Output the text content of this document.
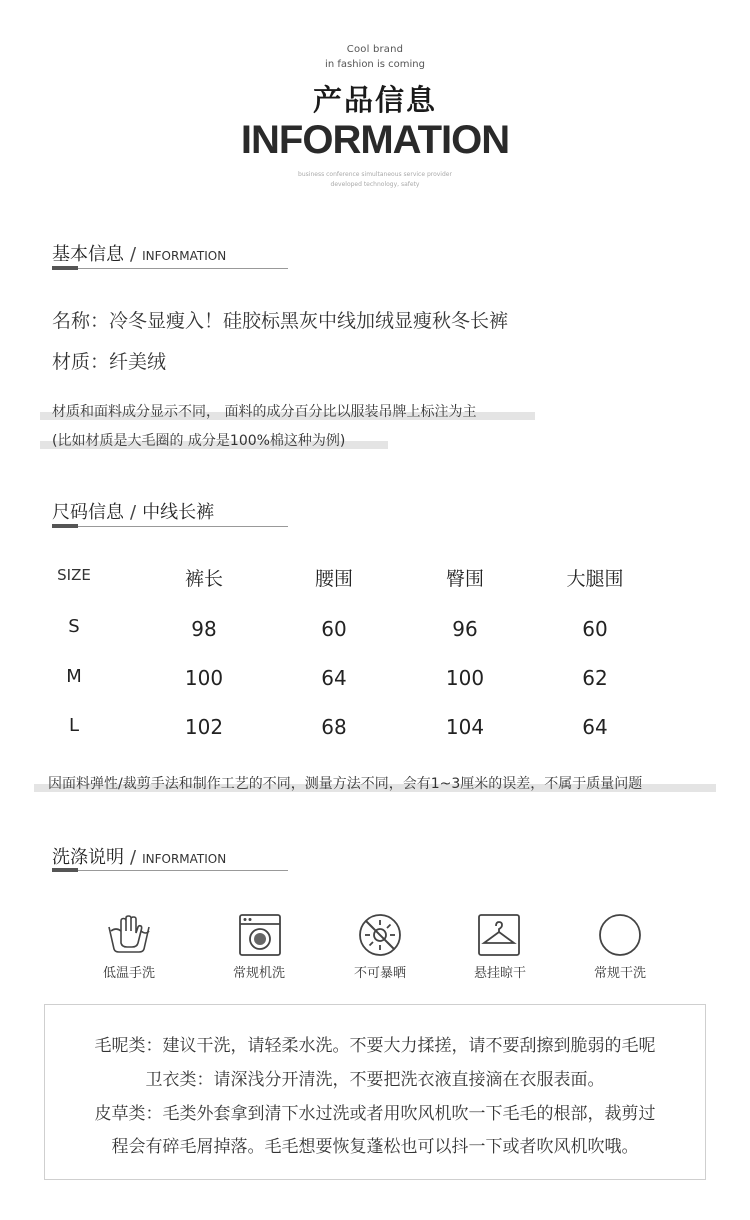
Cool brand
in fashion is coming
产品信息
INFORMATION
business conference simultaneous service provider
developed technology, safety
基本信息 / INFORMATION
名称：冷冬显瘦入！硅胶标黑灰中线加绒显瘦秋冬长裤
材质：纤美绒
材质和面料成分显示不同， 面料的成分百分比以服装吊牌上标注为主
(比如材质是大毛圈的 成分是100%棉这种为例)
尺码信息 / 中线长裤
SIZE	裤长	腰围	臀围	大腿围
S	98	60	96	60
M	100	64	100	62
L	102	68	104	64
因面料弹性/裁剪手法和制作工艺的不同，测量方法不同，会有1~3厘米的误差，不属于质量问题
洗涤说明 / INFORMATION
低温手洗	常规机洗	不可暴晒	悬挂晾干	常规干洗
毛呢类：建议干洗，请轻柔水洗。不要大力揉搓，请不要刮擦到脆弱的毛呢
卫衣类：请深浅分开清洗，不要把洗衣液直接滴在衣服表面。
皮草类：毛类外套拿到清下水过洗或者用吹风机吹一下毛毛的根部，裁剪过
程会有碎毛屑掉落。毛毛想要恢复蓬松也可以抖一下或者吹风机吹哦。
